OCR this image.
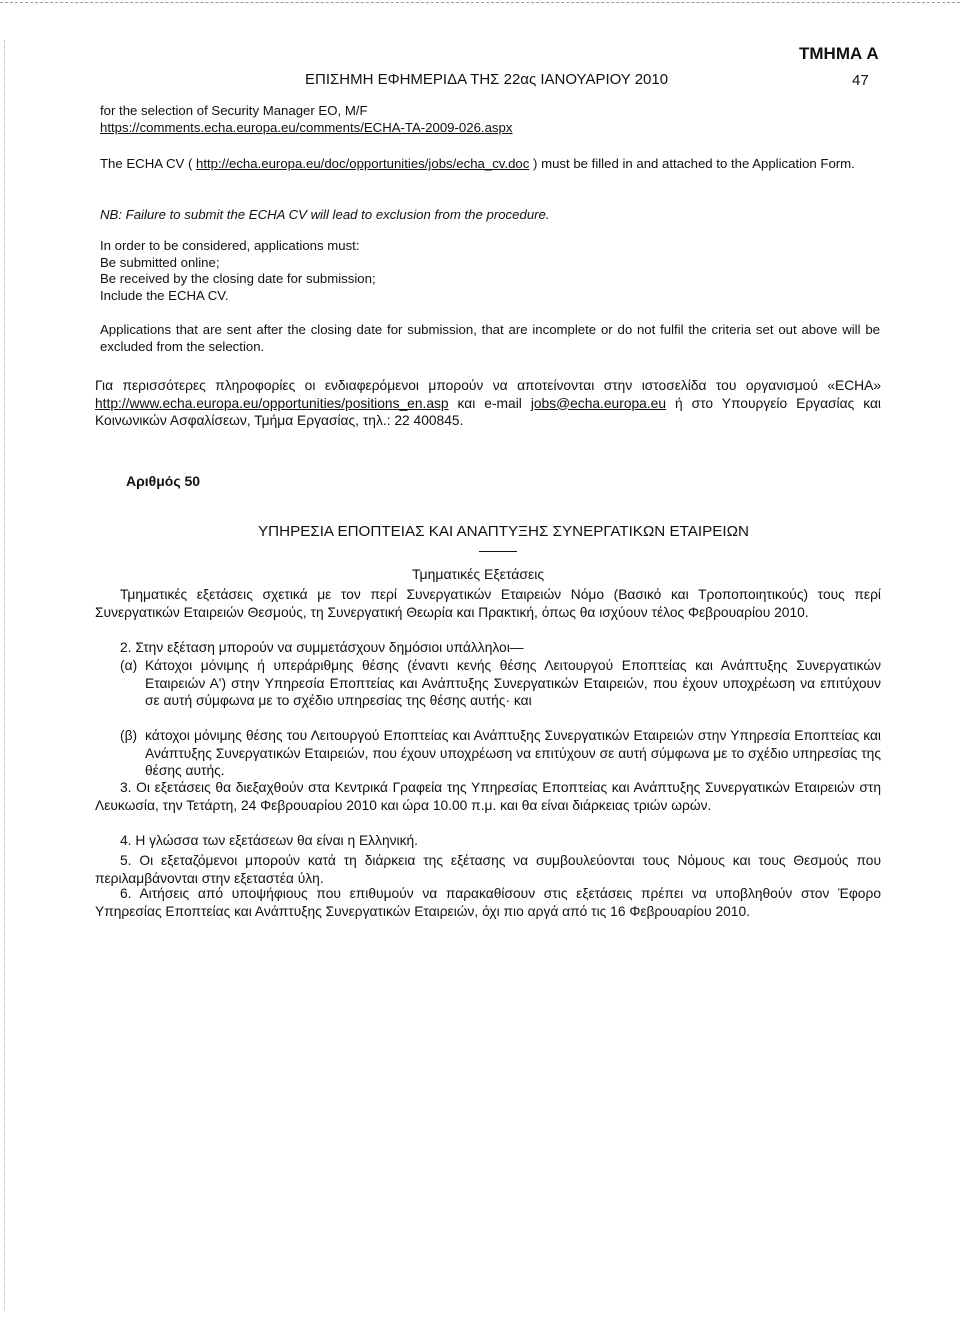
ΤΜΗΜΑ Α
ΕΠΙΣΗΜΗ ΕΦΗΜΕΡΙΔΑ ΤΗΣ 22ας ΙΑΝΟΥΑΡΙΟΥ 2010	47

for the selection of Security Manager EO, M/F

https://comments.echa.europa.eu/comments/ECHA-TA-2009-026.aspx

The ECHA CV ( http://echa.europa.eu/doc/opportunities/jobs/echa_cv.doc ) must be filled in and attached to the Application Form.
NB: Failure to submit the ECHA CV will lead to exclusion from the procedure.

In order to be considered, applications must:

Be submitted online;

Be received by the closing date for submission;

Include the ECHA CV.

Applications that are sent after the closing date for submission, that are incomplete or do not fulfil the criteria set out above will be excluded from the selection.
Για περισσότερες πληροφορίες οι ενδιαφερόμενοι μπορούν να αποτείνονται στην ιστοσελίδα του οργανισμού «ECHA» http://www.echa.europa.eu/opportunities/positions_en.asp και e-mail jobs@echa.europa.eu ή στο Υπουργείο Εργασίας και Κοινωνικών Ασφαλίσεων, Τμήμα Εργασίας, τηλ.: 22 400845.
Αριθμός 50
ΥΠΗΡΕΣΙΑ ΕΠΟΠΤΕΙΑΣ ΚΑΙ ΑΝΑΠΤΥΞΗΣ ΣΥΝΕΡΓΑΤΙΚΩΝ ΕΤΑΙΡΕΙΩΝ
Τμηματικές Εξετάσεις
Τμηματικές εξετάσεις σχετικά με τον περί Συνεργατικών Εταιρειών Νόμο (Βασικό και Τροποποιητικούς) τους περί Συνεργατικών Εταιρειών Θεσμούς, τη Συνεργατική Θεωρία και Πρακτική, όπως θα ισχύουν τέλος Φεβρουαρίου 2010.
2. Στην εξέταση μπορούν να συμμετάσχουν δημόσιοι υπάλληλοι—
(α) Κάτοχοι μόνιμης ή υπεράριθμης θέσης (έναντι κενής θέσης Λειτουργού Εποπτείας και Ανάπτυξης Συνεργατικών Εταιρειών Α') στην Υπηρεσία Εποπτείας και Ανάπτυξης Συνεργατικών Εταιρειών, που έχουν υποχρέωση να επιτύχουν σε αυτή σύμφωνα με το σχέδιο υπηρεσίας της θέσης αυτής· και

(β) κάτοχοι μόνιμης θέσης του Λειτουργού Εποπτείας και Ανάπτυξης Συνεργατικών Εταιρειών στην Υπηρεσία Εποπτείας και Ανάπτυξης Συνεργατικών Εταιρειών, που έχουν υποχρέωση να επιτύχουν σε αυτή σύμφωνα με το σχέδιο υπηρεσίας της θέσης αυτής.

3. Οι εξετάσεις θα διεξαχθούν στα Κεντρικά Γραφεία της Υπηρεσίας Εποπτείας και Ανάπτυξης Συνεργατικών Εταιρειών στη Λευκωσία, την Τετάρτη, 24 Φεβρουαρίου 2010 και ώρα 10.00 π.μ. και θα είναι διάρκειας τριών ωρών.
4. Η γλώσσα των εξετάσεων θα είναι η Ελληνική.
5. Οι εξεταζόμενοι μπορούν κατά τη διάρκεια της εξέτασης να συμβουλεύονται τους Νόμους και τους Θεσμούς που περιλαμβάνονται στην εξεταστέα ύλη.
6. Αιτήσεις από υποψήφιους που επιθυμούν να παρακαθίσουν στις εξετάσεις πρέπει να υποβληθούν στον Έφορο Υπηρεσίας Εποπτείας και Ανάπτυξης Συνεργατικών Εταιρειών, όχι πιο αργά από τις 16 Φεβρουαρίου 2010.
